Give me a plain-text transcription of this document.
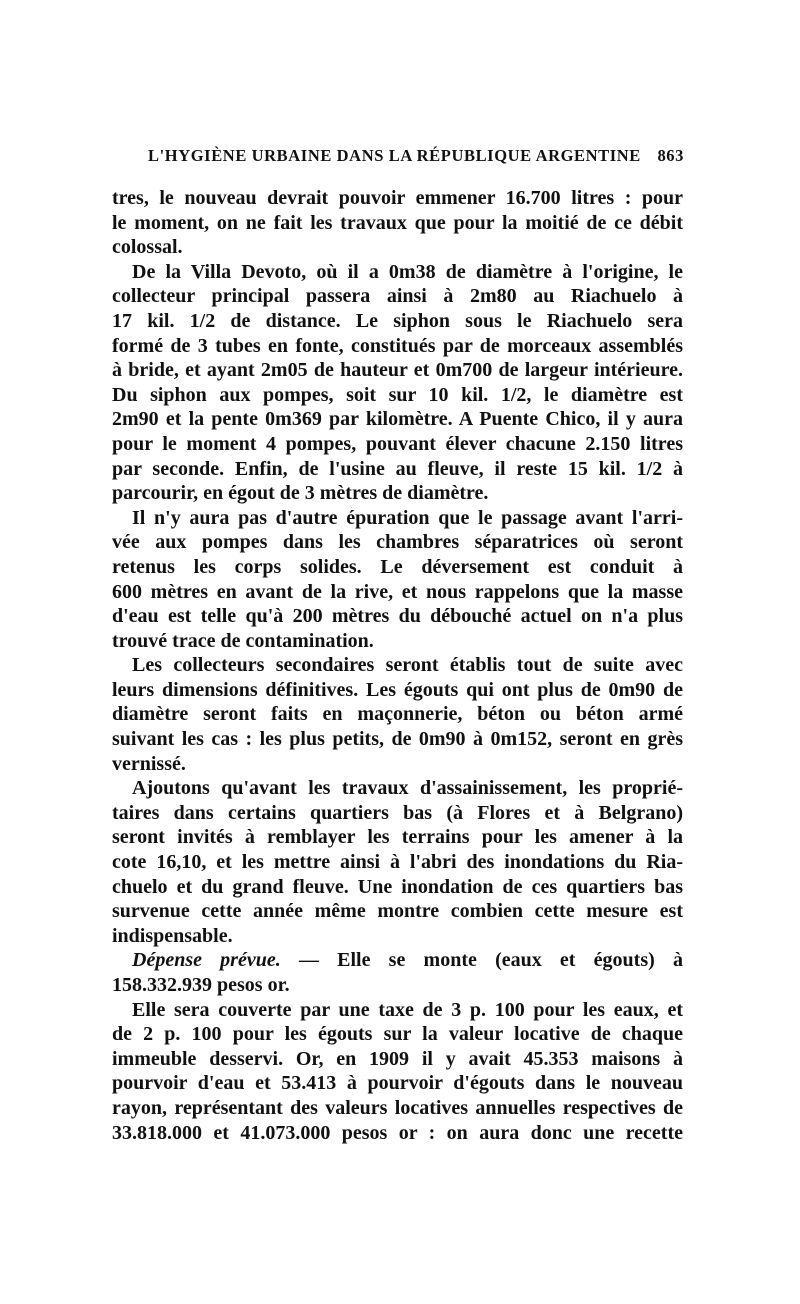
L'HYGIÈNE URBAINE DANS LA RÉPUBLIQUE ARGENTINE 863
tres, le nouveau devrait pouvoir emmener 16.700 litres : pour
le moment, on ne fait les travaux que pour la moitié de ce débit
colossal.
De la Villa Devoto, où il a 0m38 de diamètre à l'origine, le
collecteur principal passera ainsi à 2m80 au Riachuelo à
17 kil. 1/2 de distance. Le siphon sous le Riachuelo sera
formé de 3 tubes en fonte, constitués par de morceaux assemblés
à bride, et ayant 2m05 de hauteur et 0m700 de largeur intérieure.
Du siphon aux pompes, soit sur 10 kil. 1/2, le diamètre est
2m90 et la pente 0m369 par kilomètre. A Puente Chico, il y aura
pour le moment 4 pompes, pouvant élever chacune 2.150 litres
par seconde. Enfin, de l'usine au fleuve, il reste 15 kil. 1/2 à
parcourir, en égout de 3 mètres de diamètre.
Il n'y aura pas d'autre épuration que le passage avant l'arri-
vée aux pompes dans les chambres séparatrices où seront
retenus les corps solides. Le déversement est conduit à
600 mètres en avant de la rive, et nous rappelons que la masse
d'eau est telle qu'à 200 mètres du débouché actuel on n'a plus
trouvé trace de contamination.
Les collecteurs secondaires seront établis tout de suite avec
leurs dimensions définitives. Les égouts qui ont plus de 0m90 de
diamètre seront faits en maçonnerie, béton ou béton armé
suivant les cas : les plus petits, de 0m90 à 0m152, seront en grès
vernissé.
Ajoutons qu'avant les travaux d'assainissement, les proprié-
taires dans certains quartiers bas (à Flores et à Belgrano)
seront invités à remblayer les terrains pour les amener à la
cote 16,10, et les mettre ainsi à l'abri des inondations du Ria-
chuelo et du grand fleuve. Une inondation de ces quartiers bas
survenue cette année même montre combien cette mesure est
indispensable.
Dépense prévue. — Elle se monte (eaux et égouts) à
158.332.939 pesos or.
Elle sera couverte par une taxe de 3 p. 100 pour les eaux, et
de 2 p. 100 pour les égouts sur la valeur locative de chaque
immeuble desservi. Or, en 1909 il y avait 45.353 maisons à
pourvoir d'eau et 53.413 à pourvoir d'égouts dans le nouveau
rayon, représentant des valeurs locatives annuelles respectives de
33.818.000 et 41.073.000 pesos or : on aura donc une recette
